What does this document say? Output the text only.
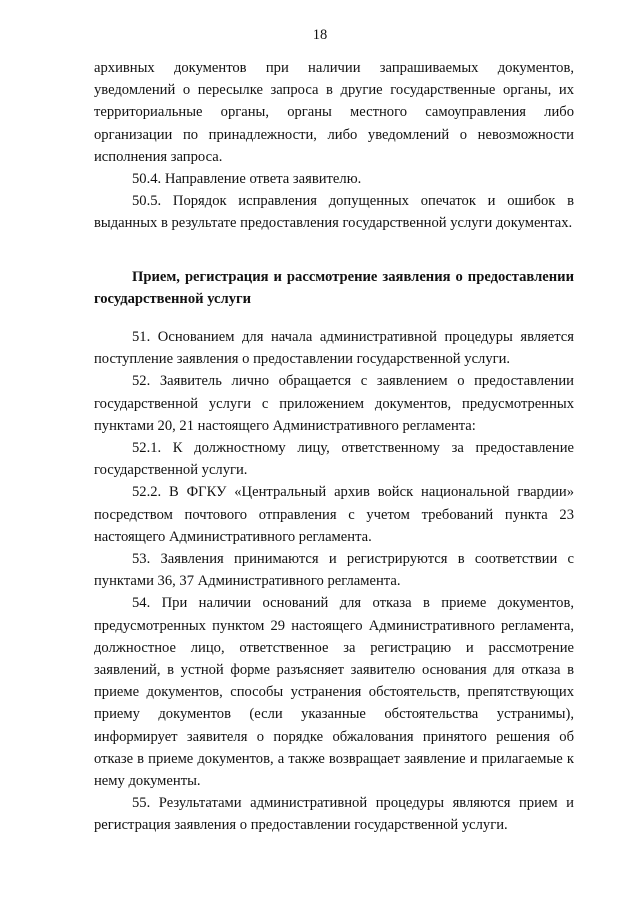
18

архивных документов при наличии запрашиваемых документов, уведомлений о пересылке запроса в другие государственные органы, их территориальные органы, органы местного самоуправления либо организации по принадлежности, либо уведомлений о невозможности исполнения запроса.

50.4. Направление ответа заявителю.

50.5. Порядок исправления допущенных опечаток и ошибок в выданных в результате предоставления государственной услуги документах.

Прием, регистрация и рассмотрение заявления о предоставлении государственной услуги

51. Основанием для начала административной процедуры является поступление заявления о предоставлении государственной услуги.

52. Заявитель лично обращается с заявлением о предоставлении государственной услуги с приложением документов, предусмотренных пунктами 20, 21 настоящего Административного регламента:

52.1. К должностному лицу, ответственному за предоставление государственной услуги.

52.2. В ФГКУ «Центральный архив войск национальной гвардии» посредством почтового отправления с учетом требований пункта 23 настоящего Административного регламента.

53. Заявления принимаются и регистрируются в соответствии с пунктами 36, 37 Административного регламента.

54. При наличии оснований для отказа в приеме документов, предусмотренных пунктом 29 настоящего Административного регламента, должностное лицо, ответственное за регистрацию и рассмотрение заявлений, в устной форме разъясняет заявителю основания для отказа в приеме документов, способы устранения обстоятельств, препятствующих приему документов (если указанные обстоятельства устранимы), информирует заявителя о порядке обжалования принятого решения об отказе в приеме документов, а также возвращает заявление и прилагаемые к нему документы.

55. Результатами административной процедуры являются прием и регистрация заявления о предоставлении государственной услуги.
